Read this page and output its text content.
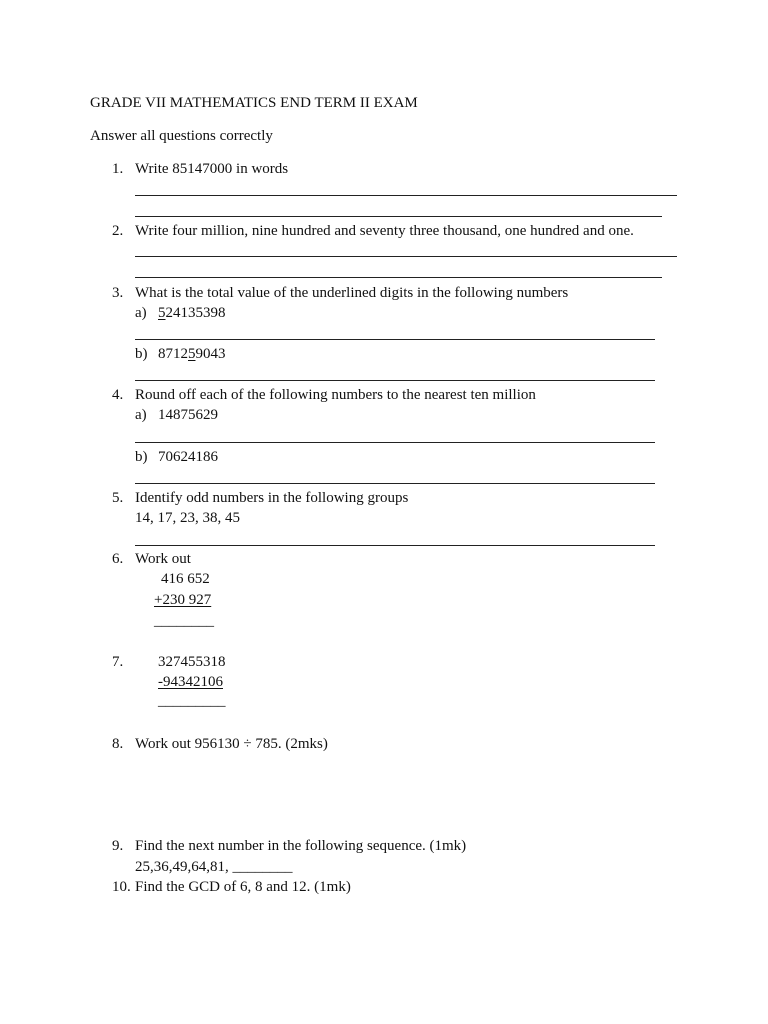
GRADE VII MATHEMATICS END TERM II EXAM
Answer all questions correctly
1. Write 85147000 in words
2. Write four million, nine hundred and seventy three thousand, one hundred and one.
3. What is the total value of the underlined digits in the following numbers
a) 524135398
b) 871259043
4. Round off each of the following numbers to the nearest ten million
a) 14875629
b) 70624186
5. Identify odd numbers in the following groups
14, 17, 23, 38, 45
6. Work out
416 652
+230 927
________
7. 327455318
-94342106
_________
8. Work out 956130 ÷ 785. (2mks)
9. Find the next number in the following sequence. (1mk)
25,36,49,64,81, ________
10. Find the GCD of 6, 8 and 12. (1mk)
